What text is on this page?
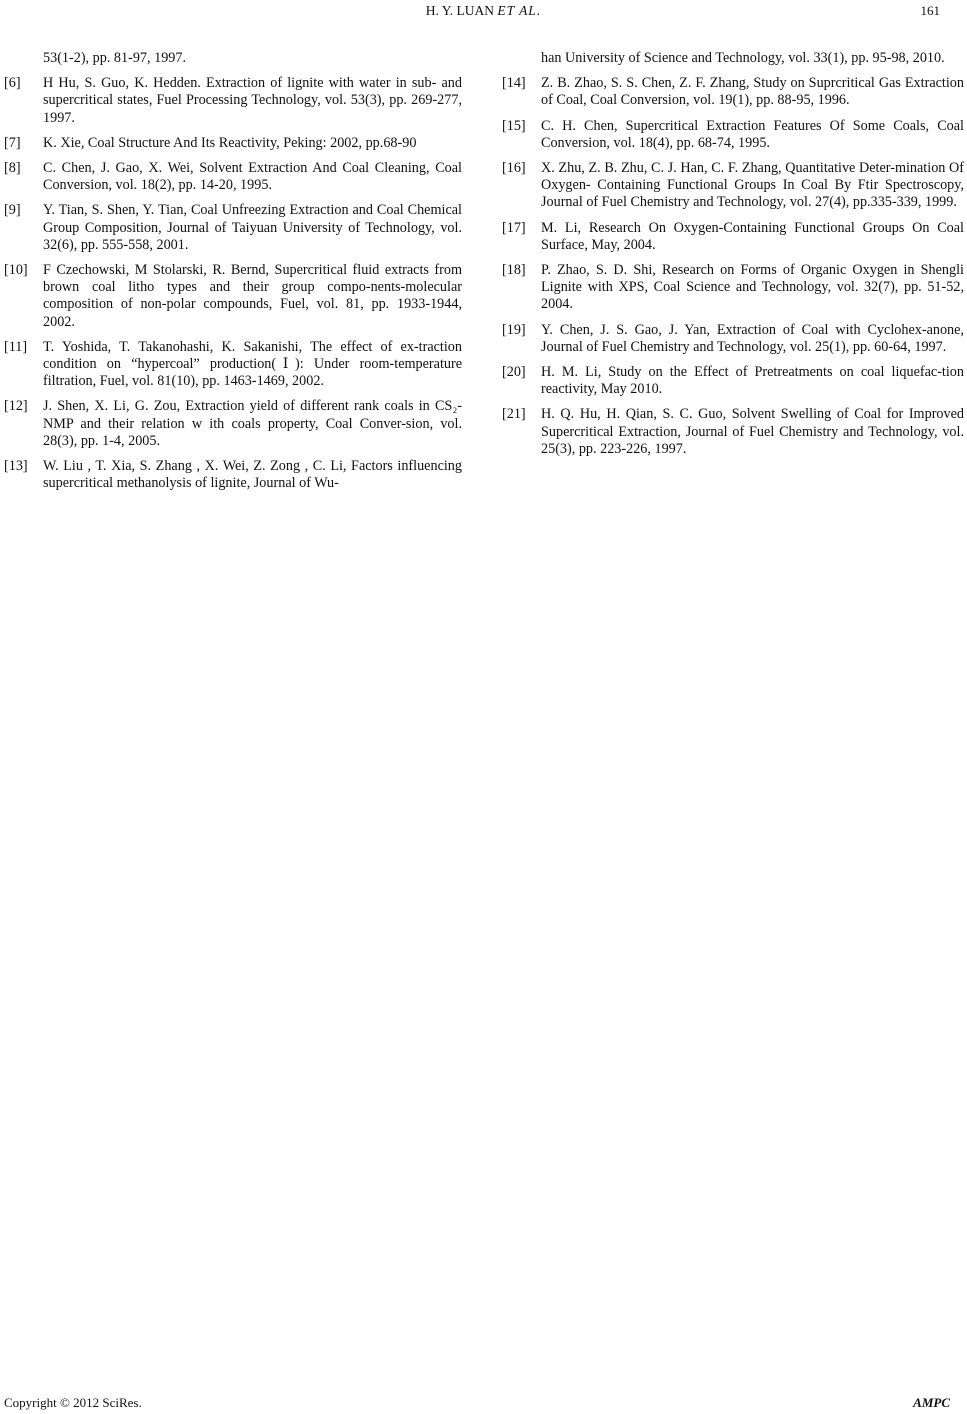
H. Y. LUAN ET AL.	161
53(1-2), pp. 81-97, 1997.
[6]	H Hu, S. Guo, K. Hedden. Extraction of lignite with water in sub- and supercritical states, Fuel Processing Technology, vol. 53(3), pp. 269-277, 1997.
[7]	K. Xie, Coal Structure And Its Reactivity, Peking: 2002, pp.68-90
[8]	C. Chen, J. Gao, X. Wei, Solvent Extraction And Coal Cleaning, Coal Conversion, vol. 18(2), pp. 14-20, 1995.
[9]	Y. Tian, S. Shen, Y. Tian, Coal Unfreezing Extraction and Coal Chemical Group Composition, Journal of Taiyuan University of Technology, vol. 32(6), pp. 555-558, 2001.
[10]	F Czechowski, M Stolarski, R. Bernd, Supercritical fluid extracts from brown coal litho types and their group compo-nents-molecular composition of non-polar compounds, Fuel, vol. 81, pp. 1933-1944, 2002.
[11]	T. Yoshida, T. Takanohashi, K. Sakanishi, The effect of ex-traction condition on “hypercoal” production(Ⅰ): Under room-temperature filtration, Fuel, vol. 81(10), pp. 1463-1469, 2002.
[12]	J. Shen, X. Li, G. Zou, Extraction yield of different rank coals in CS₂-NMP and their relation w ith coals property, Coal Conver-sion, vol. 28(3), pp. 1-4, 2005.
[13]	W. Liu , T. Xia, S. Zhang , X. Wei, Z. Zong , C. Li, Factors influencing supercritical methanolysis of lignite, Journal of Wu-
han University of Science and Technology, vol. 33(1), pp. 95-98, 2010.
[14]	Z. B. Zhao, S. S. Chen, Z. F. Zhang, Study on Suprcritical Gas Extraction of Coal, Coal Conversion, vol. 19(1), pp. 88-95, 1996.
[15]	C. H. Chen, Supercritical Extraction Features Of Some Coals, Coal Conversion, vol. 18(4), pp. 68-74, 1995.
[16]	X. Zhu, Z. B. Zhu, C. J. Han, C. F. Zhang, Quantitative Deter-mination Of Oxygen- Containing Functional Groups In Coal By Ftir Spectroscopy, Journal of Fuel Chemistry and Technology, vol. 27(4), pp.335-339, 1999.
[17]	M. Li, Research On Oxygen-Containing Functional Groups On Coal Surface, May, 2004.
[18]	P. Zhao, S. D. Shi, Research on Forms of Organic Oxygen in Shengli Lignite with XPS, Coal Science and Technology, vol. 32(7), pp. 51-52, 2004.
[19]	Y. Chen, J. S. Gao, J. Yan, Extraction of Coal with Cyclohex-anone, Journal of Fuel Chemistry and Technology, vol. 25(1), pp. 60-64, 1997.
[20]	H. M. Li, Study on the Effect of Pretreatments on coal liquefac-tion reactivity, May 2010.
[21]	H. Q. Hu, H. Qian, S. C. Guo, Solvent Swelling of Coal for Improved Supercritical Extraction, Journal of Fuel Chemistry and Technology, vol. 25(3), pp. 223-226, 1997.
Copyright © 2012 SciRes.	AMPC
